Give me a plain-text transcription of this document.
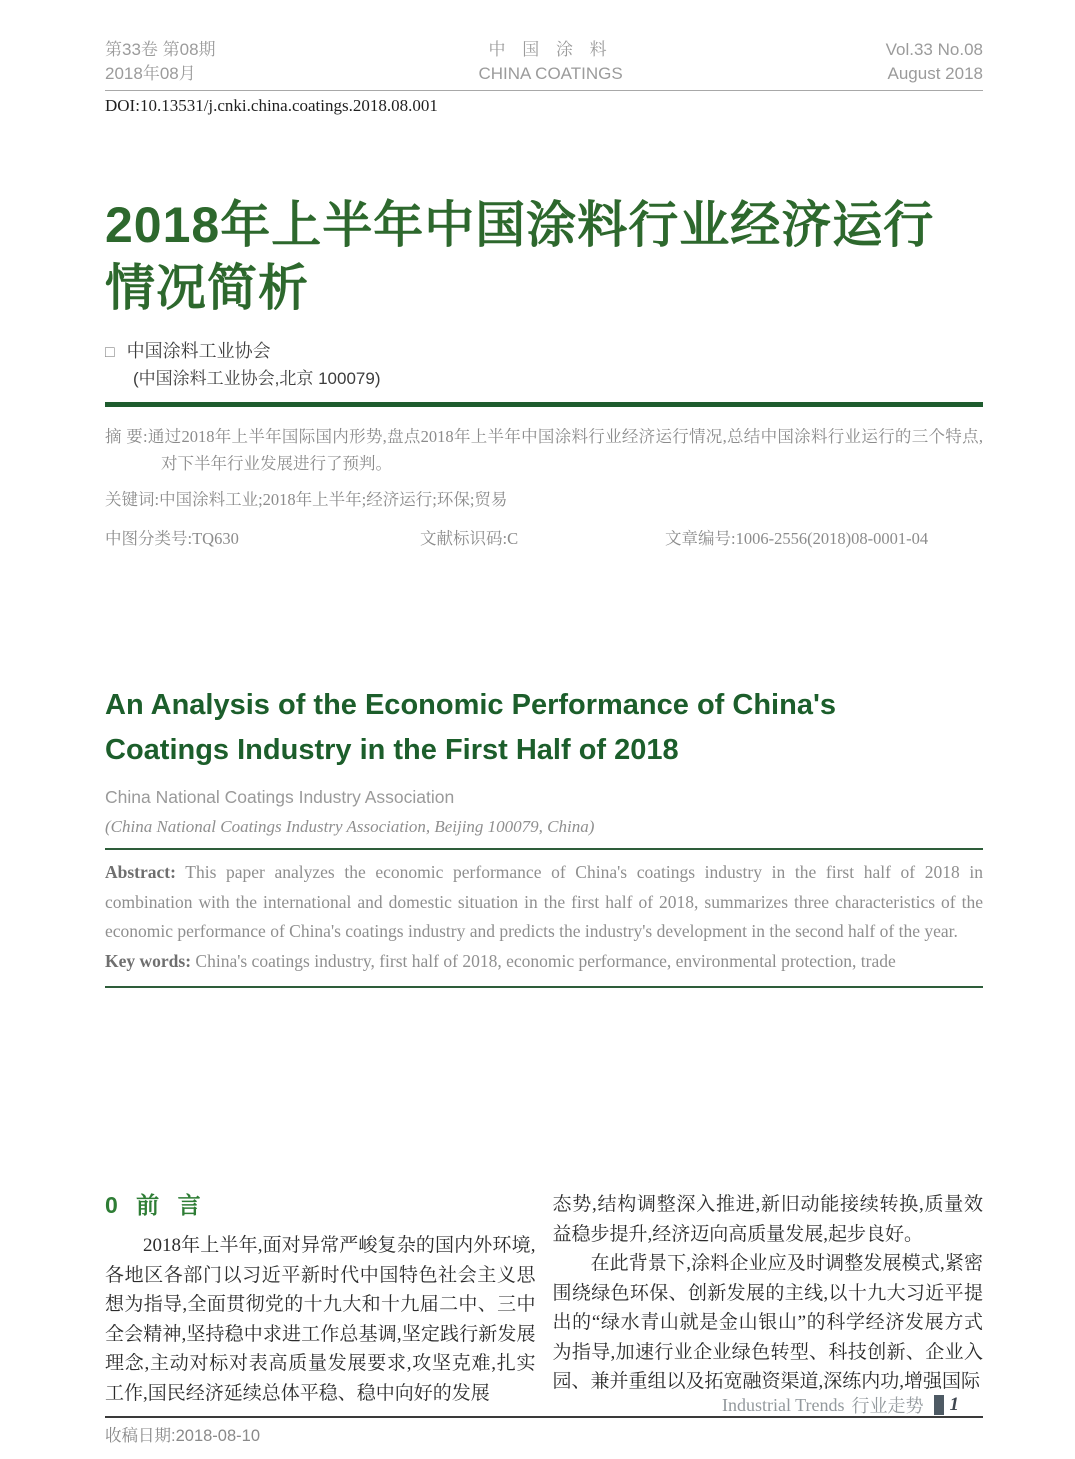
第33卷 第08期
2018年08月
中 国 涂 料
CHINA COATINGS
Vol.33 No.08
August 2018
DOI:10.13531/j.cnki.china.coatings.2018.08.001
2018年上半年中国涂料行业经济运行
情况简析
□ 中国涂料工业协会
(中国涂料工业协会,北京 100079)

摘 要:通过2018年上半年国际国内形势,盘点2018年上半年中国涂料行业经济运行情况,总结中国涂料行业运行的三个特点,对下半年行业发展进行了预判。

关键词:中国涂料工业;2018年上半年;经济运行;环保;贸易

中图分类号:TQ630	文献标识码:C	文章编号:1006-2556(2018)08-0001-04
An Analysis of the Economic Performance of China's
Coatings Industry in the First Half of 2018
China National Coatings Industry Association
(China National Coatings Industry Association, Beijing 100079, China)

Abstract: This paper analyzes the economic performance of China's coatings industry in the first half of 2018 in combination with the international and domestic situation in the first half of 2018, summarizes three characteristics of the economic performance of China's coatings industry and predicts the industry's development in the second half of the year.

Key words: China's coatings industry, first half of 2018, economic performance, environmental protection, trade

0 前 言

2018年上半年,面对异常严峻复杂的国内外环境,各地区各部门以习近平新时代中国特色社会主义思想为指导,全面贯彻党的十九大和十九届二中、三中全会精神,坚持稳中求进工作总基调,坚定践行新发展理念,主动对标对表高质量发展要求,攻坚克难,扎实工作,国民经济延续总体平稳、稳中向好的发展

态势,结构调整深入推进,新旧动能接续转换,质量效益稳步提升,经济迈向高质量发展,起步良好。

在此背景下,涂料企业应及时调整发展模式,紧密围绕绿色环保、创新发展的主线,以十九大习近平提出的“绿水青山就是金山银山”的科学经济发展方式为指导,加速行业企业绿色转型、科技创新、企业入园、兼并重组以及拓宽融资渠道,深练内功,增强国际

收稿日期:2018-08-10
Industrial Trends 行业走势 1
